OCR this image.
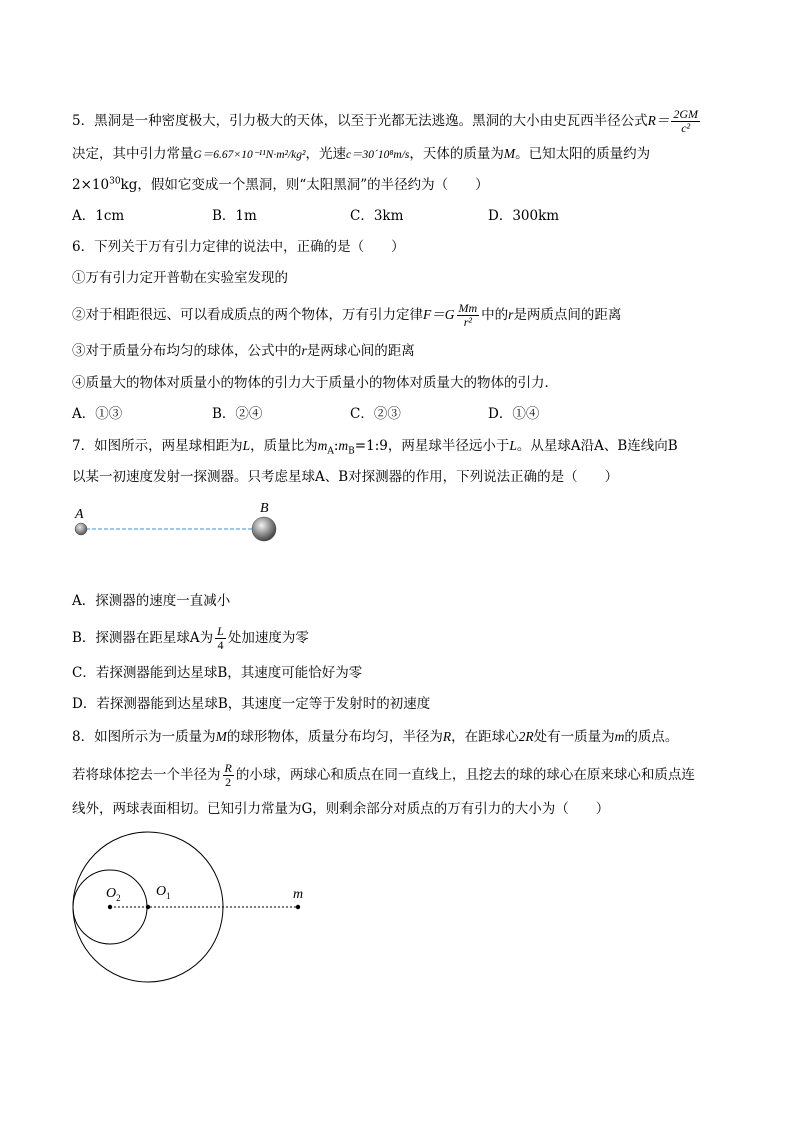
5．黑洞是一种密度极大，引力极大的天体，以至于光都无法逃逸。黑洞的大小由史瓦西半径公式$R= \frac{2GM}{\text{c²}}$
决定，其中引力常量G＝6.67×10⁻¹¹N·m²/kg²，光速c＝30´10⁸m/s，天体的质量为M。已知太阳的质量约为
$2\times 10^{30}kg$，假如它变成一个黑洞，则“太阳黑洞”的半径约为（　　）
A．1cm	B．1m	C．3km	D．300km
6．下列关于万有引力定律的说法中，正确的是（　　）
①万有引力定开普勒在实验室发现的
②对于相距很远、可以看成质点的两个物体，万有引力定律$F=G \frac{Mm}{\text{r²}}$ 中的r是两质点间的距离
③对于质量分布均匀的球体，公式中的r是两球心间的距离
④质量大的物体对质量小的物体的引力大于质量小的物体对质量大的物体的引力．
A．①③	B．②④	C．②③	D．①④
7．如图所示，两星球相距为L，质量比为$m_A:m_B=1:9$，两星球半径远小于L。从星球A沿A、B连线向B
以某一初速度发射一探测器。只考虑星球A、B对探测器的作用，下列说法正确的是（　　）
A	B
A．探测器的速度一直减小
B．探测器在距星球A为 $\frac{L}{4}$ 处加速度为零
C．若探测器能到达星球B，其速度可能恰好为零
D．若探测器能到达星球B，其速度一定等于发射时的初速度
8．如图所示为一质量为M的球形物体，质量分布均匀，半径为R，在距球心2R处有一质量为m的质点。
若将球体挖去一个半径为 $\frac{R}{2}$ 的小球，两球心和质点在同一直线上，且挖去的球的球心在原来球心和质点连
线外，两球表面相切。已知引力常量为G，则剩余部分对质点的万有引力的大小为（　　）
$O_2$	$O_1$	m
